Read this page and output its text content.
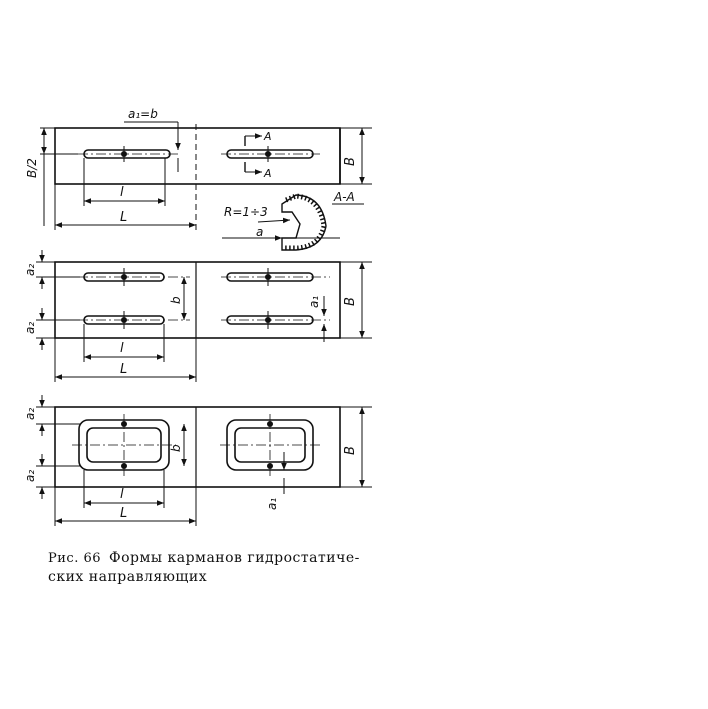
a₁=b
B/2
l
L
B
A
A
A-A
R=1÷3
a
a₂
a₂
b	a₁
l
L
B
a₂
a₂
b
a₁
l
L
B
Рис. 66 Формы карманов гидростатиче-
ских направляющих
